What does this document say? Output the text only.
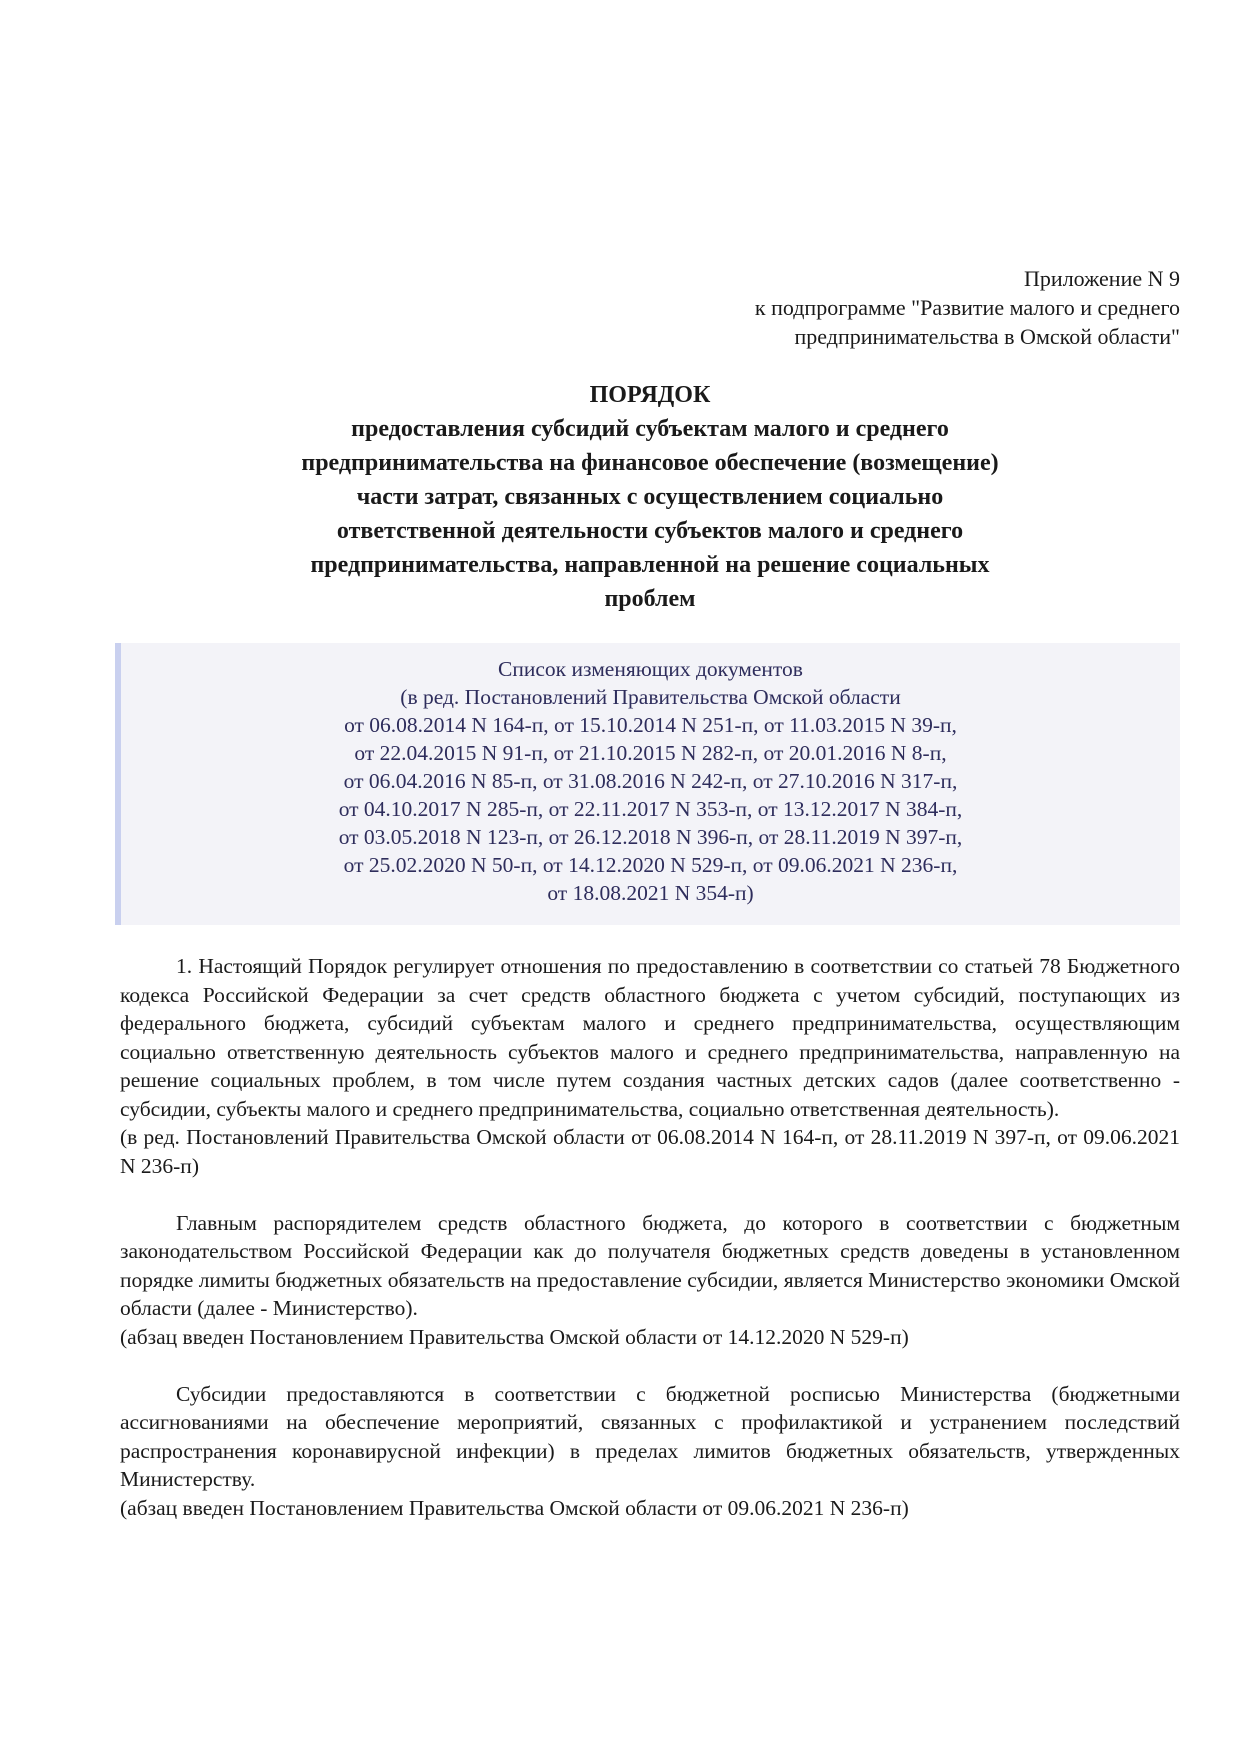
Приложение N 9
к подпрограмме "Развитие малого и среднего
предпринимательства в Омской области"
ПОРЯДОК
предоставления субсидий субъектам малого и среднего
предпринимательства на финансовое обеспечение (возмещение)
части затрат, связанных с осуществлением социально
ответственной деятельности субъектов малого и среднего
предпринимательства, направленной на решение социальных
проблем
Список изменяющих документов
(в ред. Постановлений Правительства Омской области
от 06.08.2014 N 164-п, от 15.10.2014 N 251-п, от 11.03.2015 N 39-п,
от 22.04.2015 N 91-п, от 21.10.2015 N 282-п, от 20.01.2016 N 8-п,
от 06.04.2016 N 85-п, от 31.08.2016 N 242-п, от 27.10.2016 N 317-п,
от 04.10.2017 N 285-п, от 22.11.2017 N 353-п, от 13.12.2017 N 384-п,
от 03.05.2018 N 123-п, от 26.12.2018 N 396-п, от 28.11.2019 N 397-п,
от 25.02.2020 N 50-п, от 14.12.2020 N 529-п, от 09.06.2021 N 236-п,
от 18.08.2021 N 354-п)

1. Настоящий Порядок регулирует отношения по предоставлению в соответствии со статьей 78 Бюджетного кодекса Российской Федерации за счет средств областного бюджета с учетом субсидий, поступающих из федерального бюджета, субсидий субъектам малого и среднего предпринимательства, осуществляющим социально ответственную деятельность субъектов малого и среднего предпринимательства, направленную на решение социальных проблем, в том числе путем создания частных детских садов (далее соответственно - субсидии, субъекты малого и среднего предпринимательства, социально ответственная деятельность).

(в ред. Постановлений Правительства Омской области от 06.08.2014 N 164-п, от 28.11.2019 N 397-п, от 09.06.2021 N 236-п)

Главным распорядителем средств областного бюджета, до которого в соответствии с бюджетным законодательством Российской Федерации как до получателя бюджетных средств доведены в установленном порядке лимиты бюджетных обязательств на предоставление субсидии, является Министерство экономики Омской области (далее - Министерство).

(абзац введен Постановлением Правительства Омской области от 14.12.2020 N 529-п)

Субсидии предоставляются в соответствии с бюджетной росписью Министерства (бюджетными ассигнованиями на обеспечение мероприятий, связанных с профилактикой и устранением последствий распространения коронавирусной инфекции) в пределах лимитов бюджетных обязательств, утвержденных Министерству.

(абзац введен Постановлением Правительства Омской области от 09.06.2021 N 236-п)
